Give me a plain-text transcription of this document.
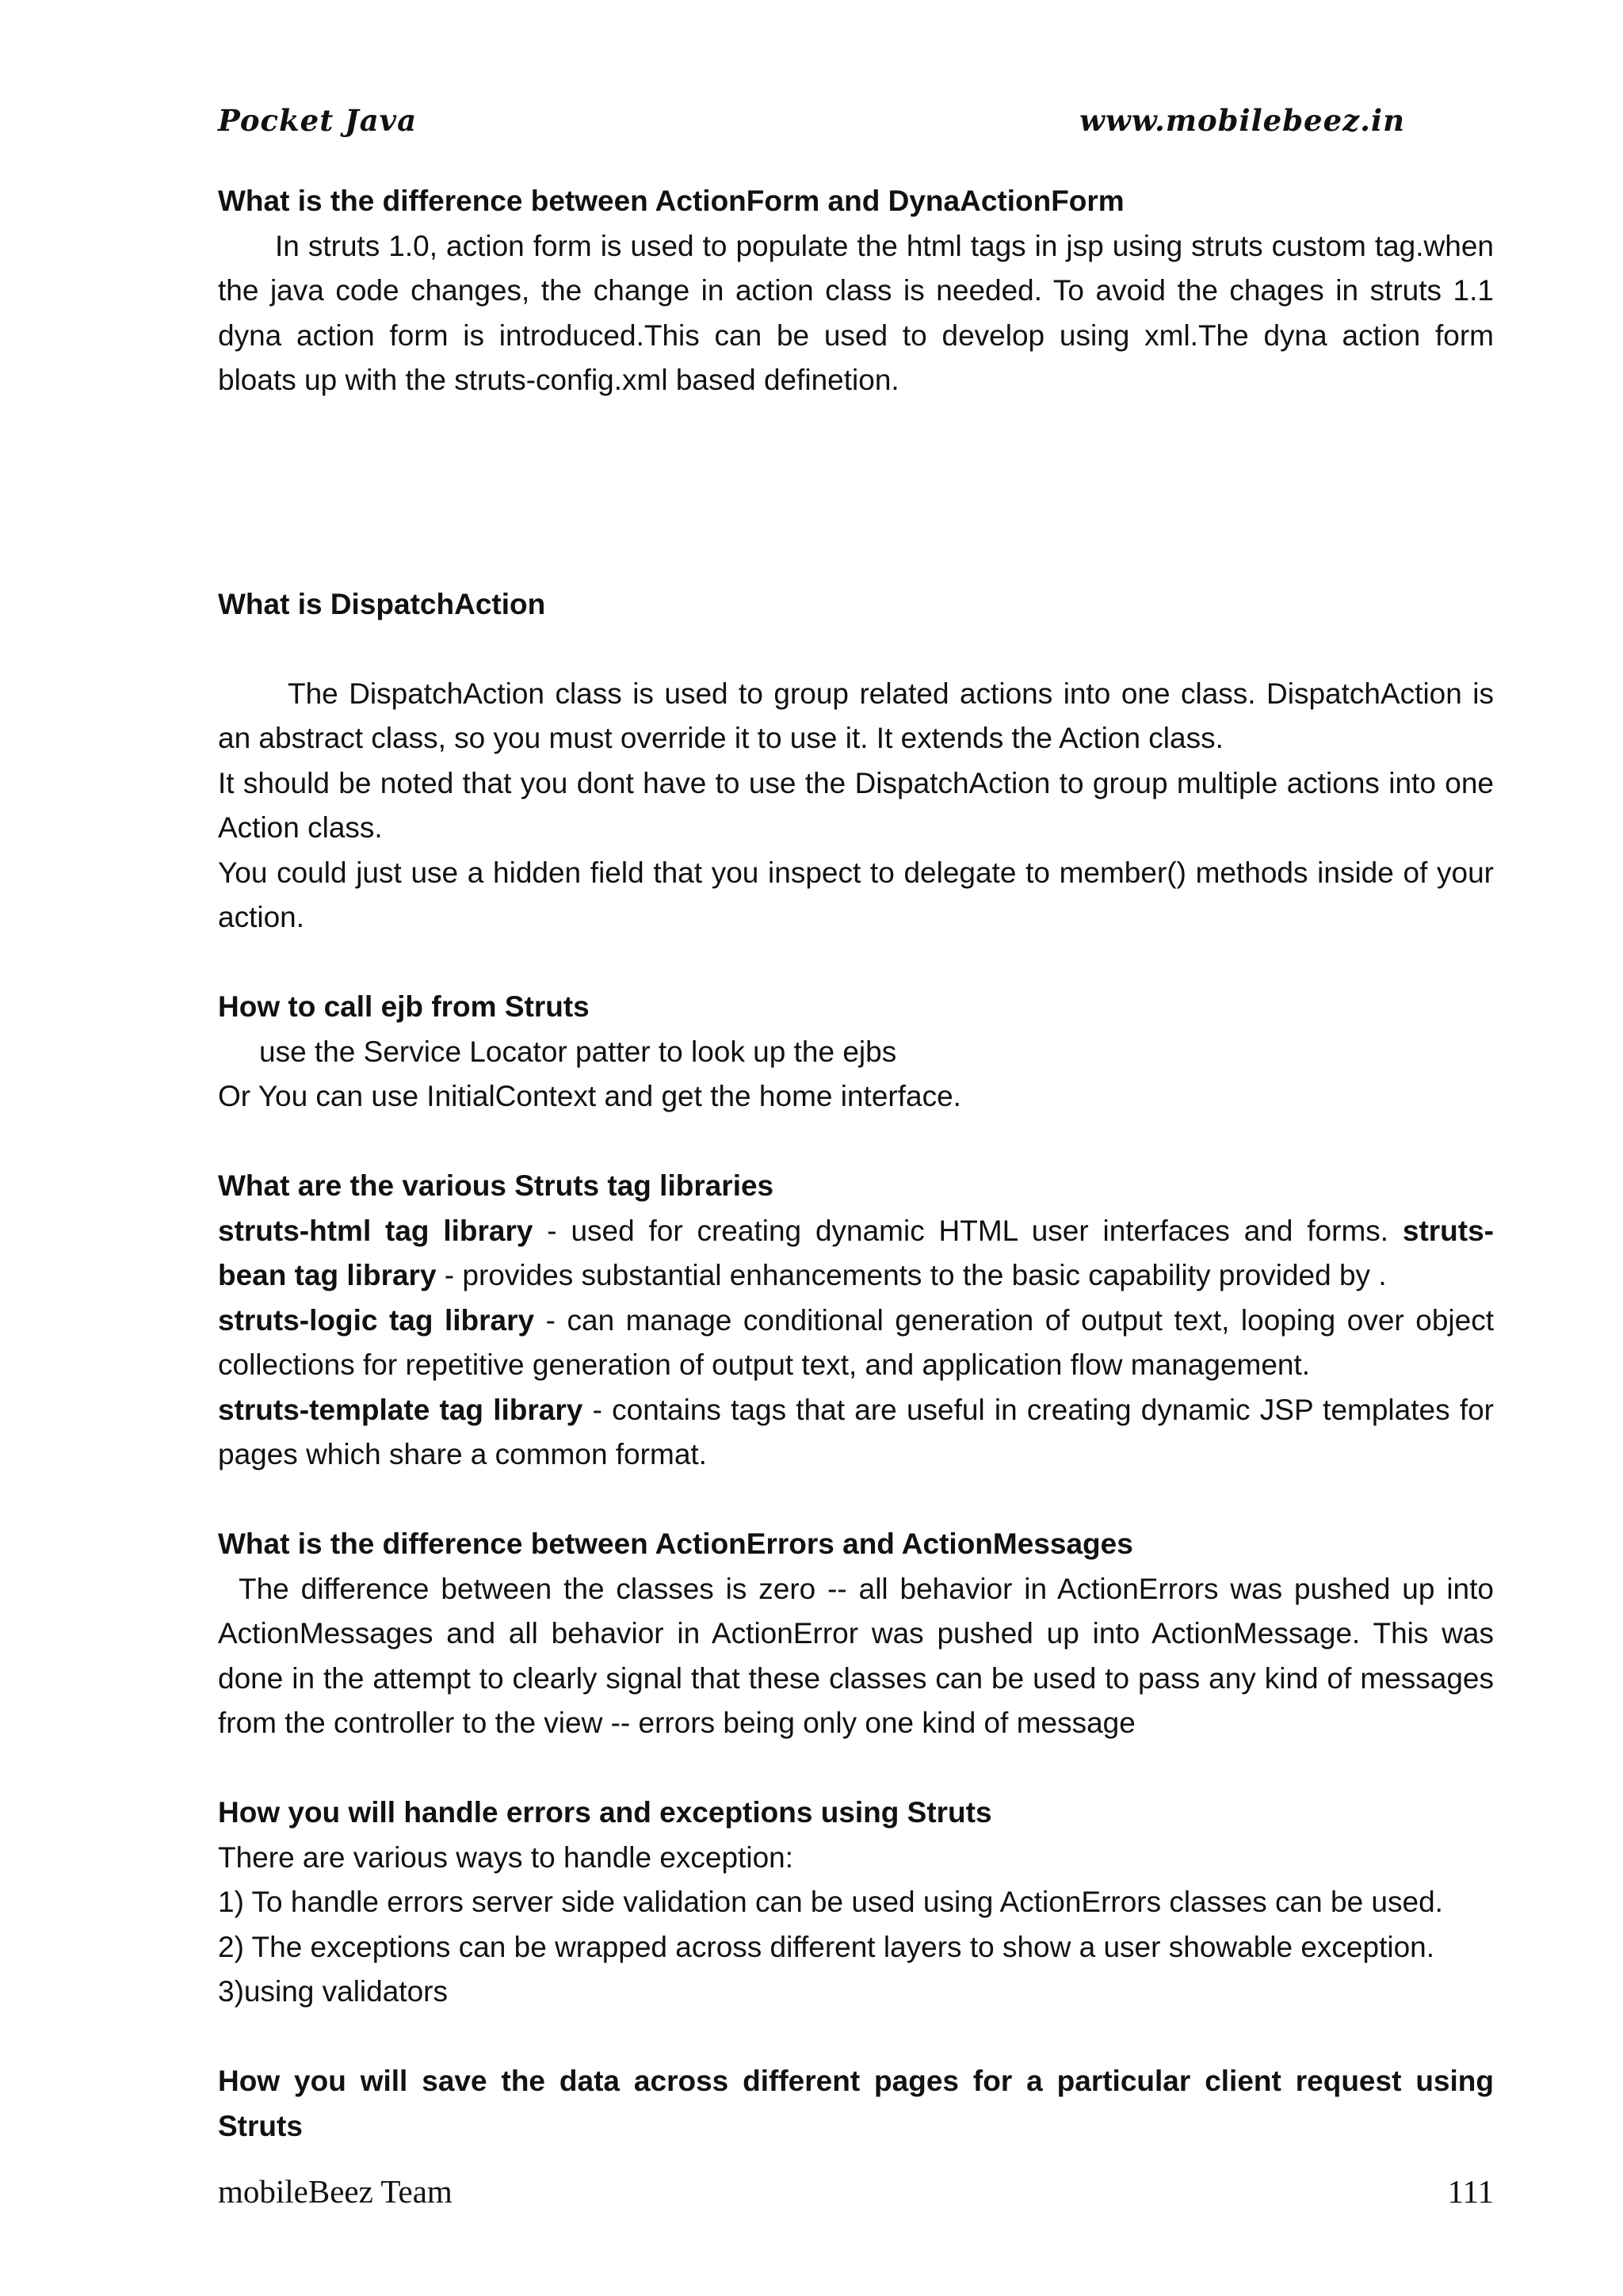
Pocket Java	www.mobilebeez.in
What is the difference between ActionForm and DynaActionForm

In struts 1.0, action form is used to populate the html tags in jsp using struts custom tag.when

the java code changes, the change in action class is needed. To avoid the chages in struts 1.1

dyna action form is introduced.This can be used to develop using xml.The dyna action form

bloats up with the struts-config.xml based definetion.

What is DispatchAction

The DispatchAction class is used to group related actions into one class. DispatchAction is

an abstract class, so you must override it to use it. It extends the Action class.

It should be noted that you dont have to use the DispatchAction to group multiple actions into one

Action class.

You could just use a hidden field that you inspect to delegate to member() methods inside of your

action.

How to call ejb from Struts

use the Service Locator patter to look up the ejbs

Or You can use InitialContext and get the home interface.

What are the various Struts tag libraries

struts-html tag library - used for creating dynamic HTML user interfaces and forms. struts-

bean tag library - provides substantial enhancements to the basic capability provided by .

struts-logic tag library - can manage conditional generation of output text, looping over object

collections for repetitive generation of output text, and application flow management.

struts-template tag library - contains tags that are useful in creating dynamic JSP templates for

pages which share a common format.

What is the difference between ActionErrors and ActionMessages

The difference between the classes is zero -- all behavior in ActionErrors was pushed up into

ActionMessages and all behavior in ActionError was pushed up into ActionMessage. This was

done in the attempt to clearly signal that these classes can be used to pass any kind of messages

from the controller to the view -- errors being only one kind of message

How you will handle errors and exceptions using Struts

There are various ways to handle exception:

1) To handle errors server side validation can be used using ActionErrors classes can be used.

2) The exceptions can be wrapped across different layers to show a user showable exception.

3)using validators

How you will save the data across different pages for a particular client request using
Struts
mobileBeez Team	111
